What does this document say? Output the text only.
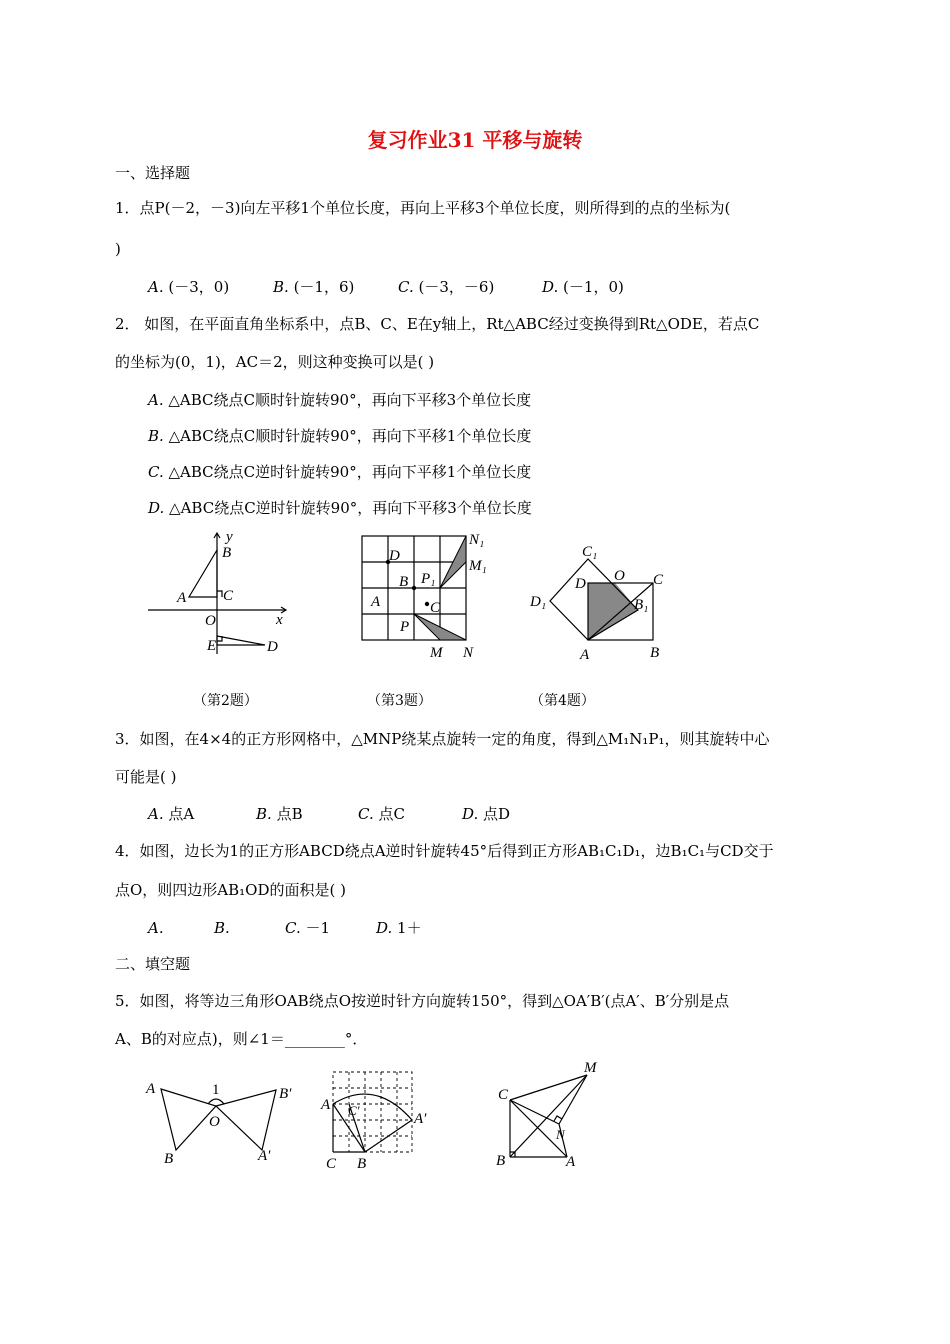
复习作业31 平移与旋转
一、选择题
1．点P(－2，－3)向左平移1个单位长度，再向上平移3个单位长度，则所得到的点的坐标为(
)
A. (－3，0)	B. (－1，6)	C. (－3，－6)	D. (－1，0)
2． 如图，在平面直角坐标系中，点B、C、E在y轴上，Rt△ABC经过变换得到Rt△ODE，若点C
的坐标为(0，1)，AC＝2，则这种变换可以是( )
A. △ABC绕点C顺时针旋转90°，再向下平移3个单位长度
B. △ABC绕点C顺时针旋转90°，再向下平移1个单位长度
C. △ABC绕点C逆时针旋转90°，再向下平移1个单位长度
D. △ABC绕点C逆时针旋转90°，再向下平移3个单位长度
y
B
A C
O	x
E	D
D
B P₁
A	C
P
M N
N₁
M₁
C₁
O C
D₁
D
B₁
A	B
（第2题）	（第3题）	（第4题）
3．如图，在4×4的正方形网格中，△MNP绕某点旋转一定的角度，得到△M₁N₁P₁，则其旋转中心
可能是( )
A. 点A	B. 点B	C. 点C	D. 点D
4．如图，边长为1的正方形ABCD绕点A逆时针旋转45°后得到正方形AB₁C₁D₁，边B₁C₁与CD交于
点O，则四边形AB₁OD的面积是( )
A.	B.	C. －1	D. 1＋
二、填空题
5．如图，将等边三角形OAB绕点O按逆时针方向旋转150°，得到△OA′B′(点A′、B′分别是点
A、B的对应点)，则∠1＝________°．
A	1	B′
O
B	A′
A C′
A′
C B
M
C
N
B	A
